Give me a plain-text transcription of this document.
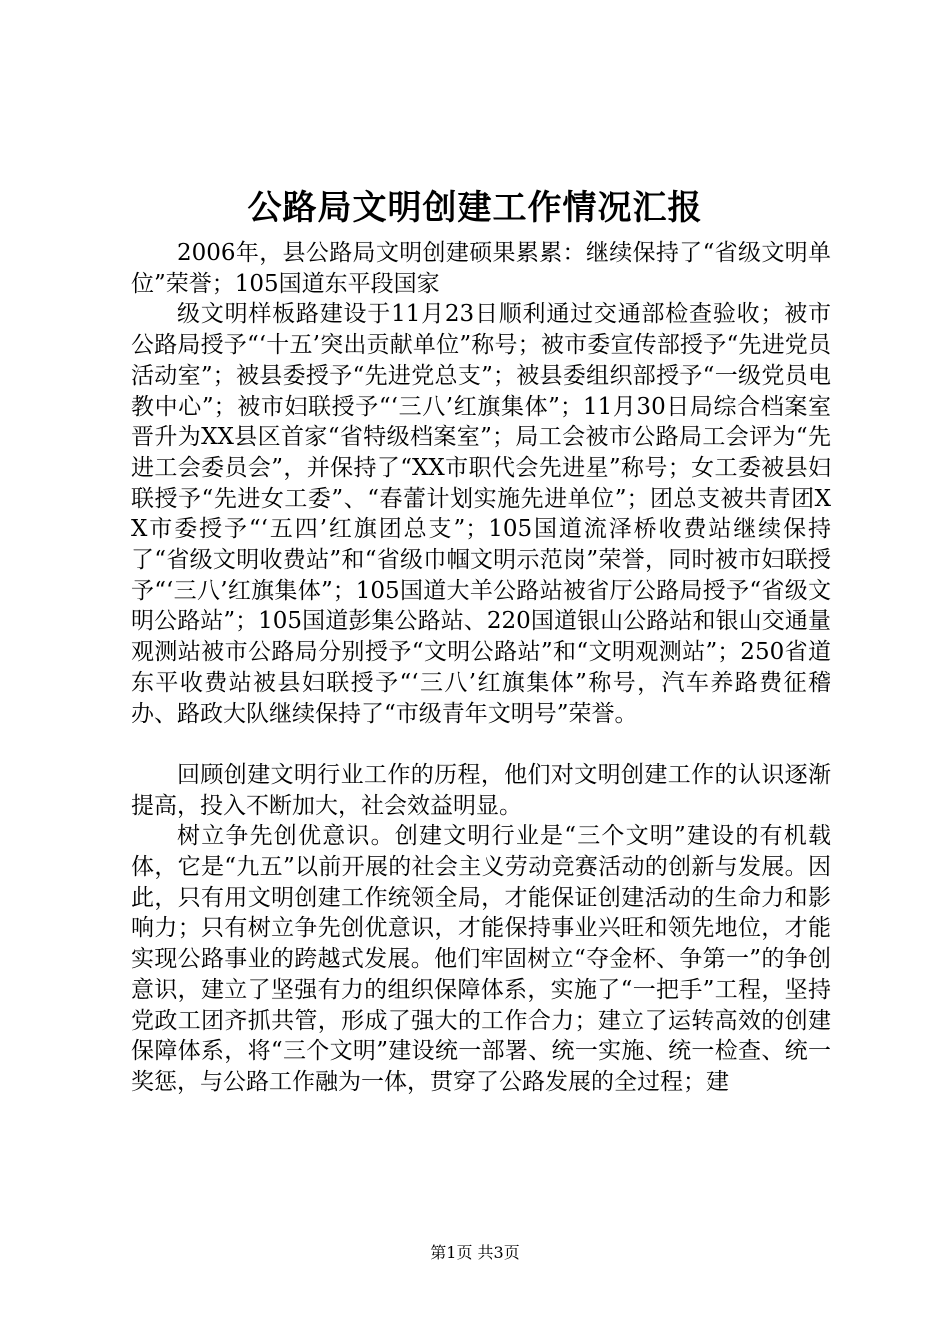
公路局文明创建工作情况汇报

2006年，县公路局文明创建硕果累累：继续保持了“省级文明单位”荣誉；105国道东平段国家

级文明样板路建设于11月23日顺利通过交通部检查验收；被市公路局授予“‘十五’突出贡献单位”称号；被市委宣传部授予“先进党员活动室”；被县委授予“先进党总支”；被县委组织部授予“一级党员电教中心”；被市妇联授予“‘三八’红旗集体”；11月30日局综合档案室晋升为XX县区首家“省特级档案室”；局工会被市公路局工会评为“先进工会委员会”，并保持了“XX市职代会先进星”称号；女工委被县妇联授予“先进女工委”、“春蕾计划实施先进单位”；团总支被共青团XX市委授予“‘五四’红旗团总支”；105国道流泽桥收费站继续保持了“省级文明收费站”和“省级巾帼文明示范岗”荣誉，同时被市妇联授予“‘三八’红旗集体”；105国道大羊公路站被省厅公路局授予“省级文明公路站”；105国道彭集公路站、220国道银山公路站和银山交通量观测站被市公路局分别授予“文明公路站”和“文明观测站”；250省道东平收费站被县妇联授予“‘三八’红旗集体”称号，汽车养路费征稽办、路政大队继续保持了“市级青年文明号”荣誉。

回顾创建文明行业工作的历程，他们对文明创建工作的认识逐渐提高，投入不断加大，社会效益明显。

树立争先创优意识。创建文明行业是“三个文明”建设的有机载体，它是“九五”以前开展的社会主义劳动竞赛活动的创新与发展。因此，只有用文明创建工作统领全局，才能保证创建活动的生命力和影响力；只有树立争先创优意识，才能保持事业兴旺和领先地位，才能实现公路事业的跨越式发展。他们牢固树立“夺金杯、争第一”的争创意识，建立了坚强有力的组织保障体系，实施了“一把手”工程，坚持党政工团齐抓共管，形成了强大的工作合力；建立了运转高效的创建保障体系，将“三个文明”建设统一部署、统一实施、统一检查、统一奖惩，与公路工作融为一体，贯穿了公路发展的全过程；建

第1页 共3页
